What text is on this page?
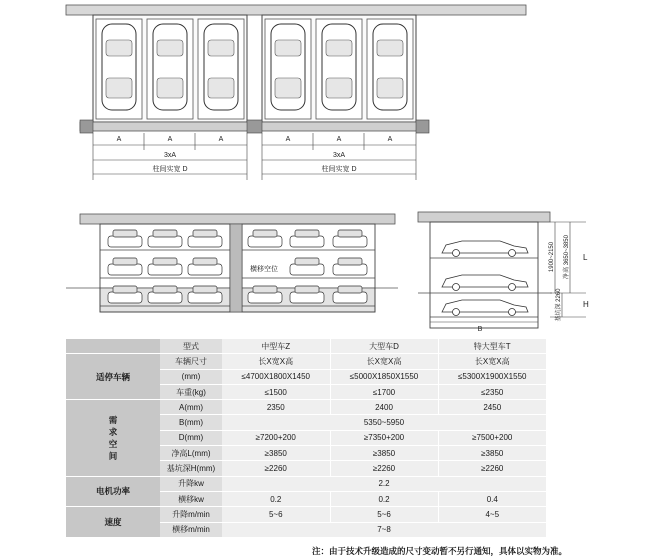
A	A	A	A	A	A
3xA	3xA
柱间实宽 D	柱间实宽 D
横移空位
B
1900~2150	净高 3650~3850
基坑深 2260
L
H
	型式	中型车Z	大型车D	特大型车T
适停车辆	车辆尺寸	长X宽X高	长X宽X高	长X宽X高
	(mm)	≤4700X1800X1450	≤5000X1850X1550	≤5300X1900X1550
	车重(kg)	≤1500	≤1700	≤2350
需求空间	A(mm)	2350	2400	2450
	B(mm)	5350~5950		
	D(mm)	≥7200+200	≥7350+200	≥7500+200
	净高L(mm)	≥3850	≥3850	≥3850
	基坑深H(mm)	≥2260	≥2260	≥2260
电机功率	升降kw	2.2		
	横移kw	0.2	0.2	0.4
速度	升降m/min	5~6	5~6	4~5
	横移m/min	7~8		
注：由于技术升级造成的尺寸变动暂不另行通知，具体以实物为准。
